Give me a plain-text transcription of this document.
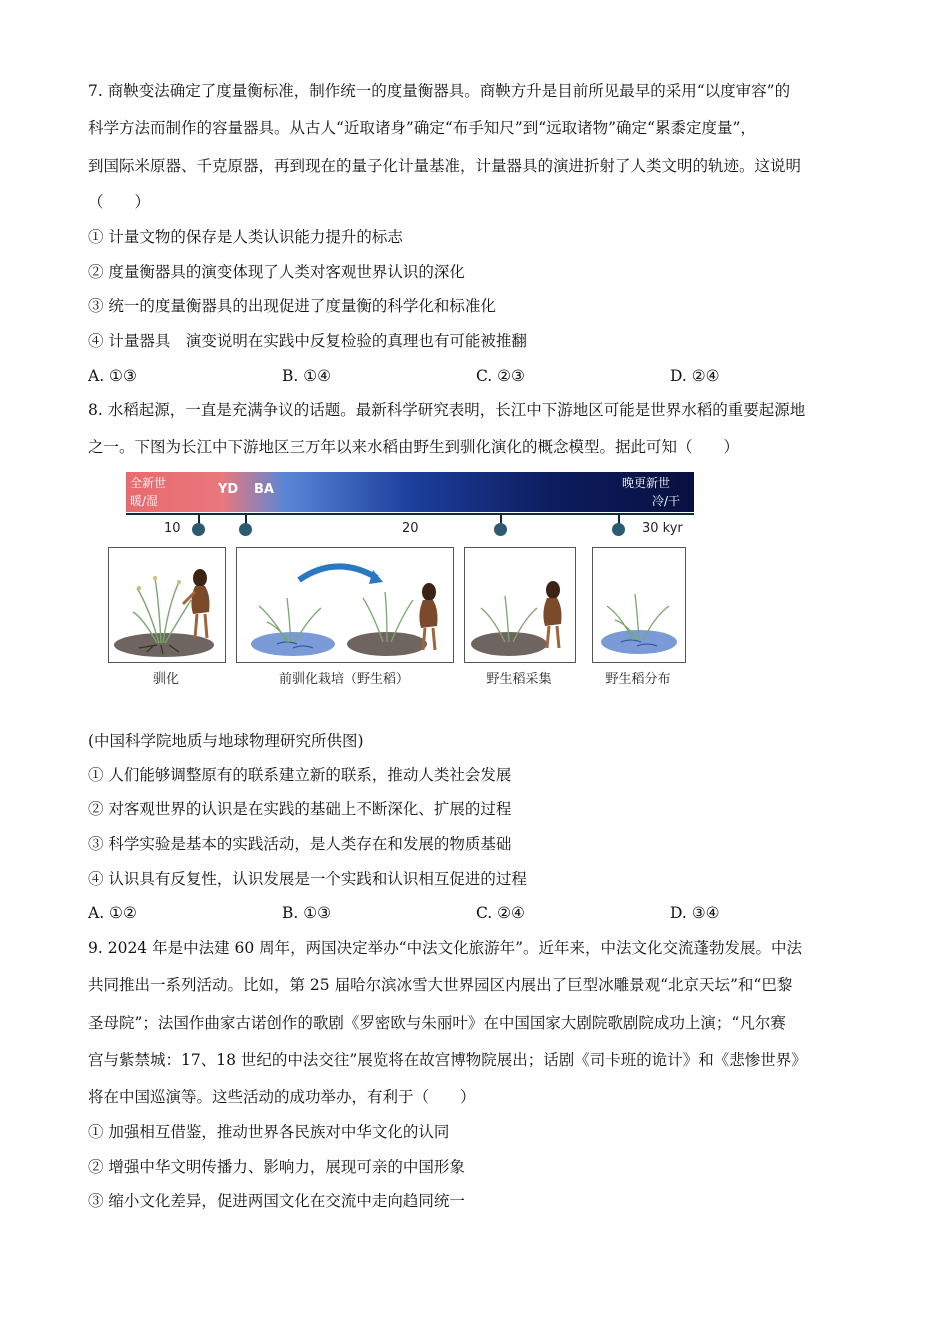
7. 商鞅变法确定了度量衡标准，制作统一的度量衡器具。商鞅方升是目前所见最早的采用“以度审容”的
科学方法而制作的容量器具。从古人“近取诸身”确定“布手知尺”到“远取诸物”确定“累黍定度量”，
到国际米原器、千克原器，再到现在的量子化计量基准，计量器具的演进折射了人类文明的轨迹。这说明
（　　）
① 计量文物的保存是人类认识能力提升的标志
② 度量衡器具的演变体现了人类对客观世界认识的深化
③ 统一的度量衡器具的出现促进了度量衡的科学化和标准化
④ 计量器具　演变说明在实践中反复检验的真理也有可能被推翻
A. ①③	B. ①④	C. ②③	D. ②④
8. 水稻起源，一直是充满争议的话题。最新科学研究表明，长江中下游地区可能是世界水稻的重要起源地
之一。下图为长江中下游地区三万年以来水稻由野生到驯化演化的概念模型。据此可知（　　）
全新世
暖/湿
YD BA	晚更新世
冷/干
10	20	30 kyr
驯化	前驯化栽培（野生稻）	野生稻采集	野生稻分布
(中国科学院地质与地球物理研究所供图)
① 人们能够调整原有的联系建立新的联系，推动人类社会发展
② 对客观世界的认识是在实践的基础上不断深化、扩展的过程
③ 科学实验是基本的实践活动，是人类存在和发展的物质基础
④ 认识具有反复性，认识发展是一个实践和认识相互促进的过程
A. ①②	B. ①③	C. ②④	D. ③④
9. 2024 年是中法建 60 周年，两国决定举办“中法文化旅游年”。近年来，中法文化交流蓬勃发展。中法
共同推出一系列活动。比如，第 25 届哈尔滨冰雪大世界园区内展出了巨型冰雕景观“北京天坛”和“巴黎
圣母院”；法国作曲家古诺创作的歌剧《罗密欧与朱丽叶》在中国国家大剧院歌剧院成功上演；“凡尔赛
宫与紫禁城：17、18 世纪的中法交往”展览将在故宫博物院展出；话剧《司卡班的诡计》和《悲惨世界》
将在中国巡演等。这些活动的成功举办，有利于（　　）
① 加强相互借鉴，推动世界各民族对中华文化的认同
② 增强中华文明传播力、影响力，展现可亲的中国形象
③ 缩小文化差异，促进两国文化在交流中走向趋同统一
